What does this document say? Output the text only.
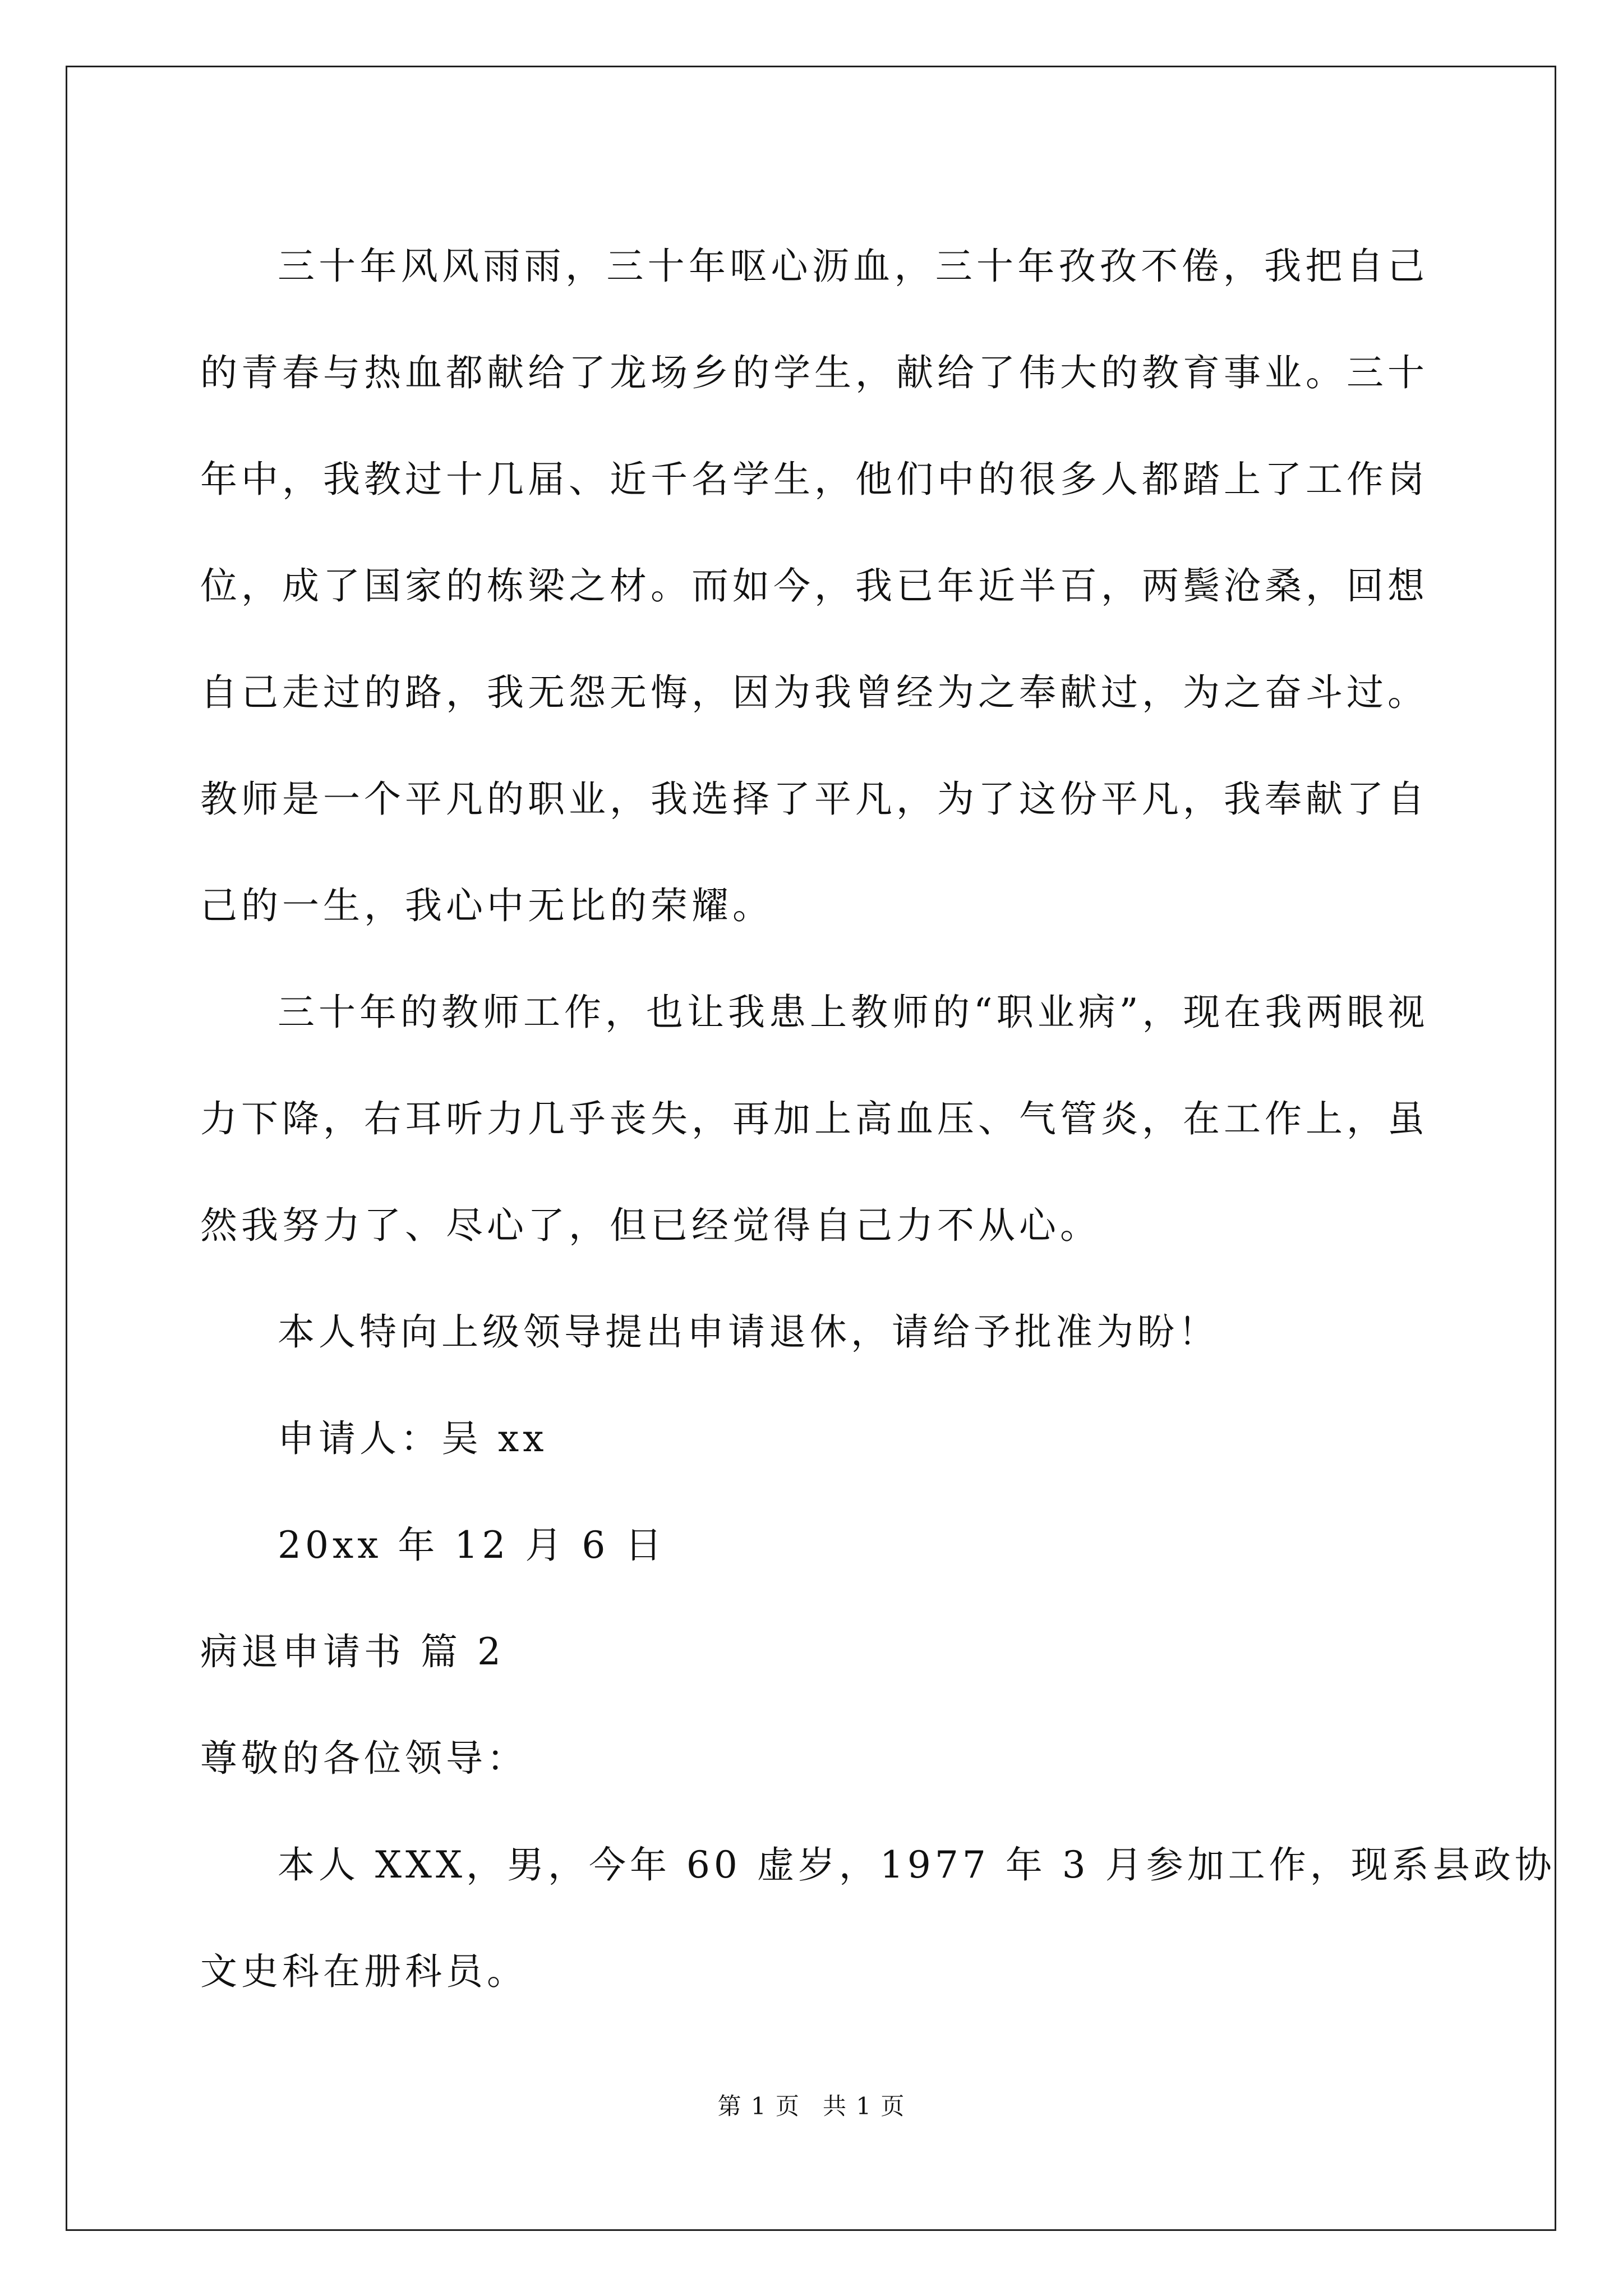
三十年风风雨雨，三十年呕心沥血，三十年孜孜不倦，我把自己
的青春与热血都献给了龙场乡的学生，献给了伟大的教育事业。三十
年中，我教过十几届、近千名学生，他们中的很多人都踏上了工作岗
位，成了国家的栋梁之材。而如今，我已年近半百，两鬓沧桑，回想
自己走过的路，我无怨无悔，因为我曾经为之奉献过，为之奋斗过。
教师是一个平凡的职业，我选择了平凡，为了这份平凡，我奉献了自
己的一生，我心中无比的荣耀。
三十年的教师工作，也让我患上教师的“职业病”，现在我两眼视
力下降，右耳听力几乎丧失，再加上高血压、气管炎，在工作上，虽
然我努力了、尽心了，但已经觉得自己力不从心。
本人特向上级领导提出申请退休，请给予批准为盼！
申请人：吴 xx
20xx 年 12 月 6 日
病退申请书 篇 2
尊敬的各位领导：
本人 XXX，男，今年 60 虚岁，1977 年 3 月参加工作，现系县政协
文史科在册科员。
第 1 页 共 1 页
